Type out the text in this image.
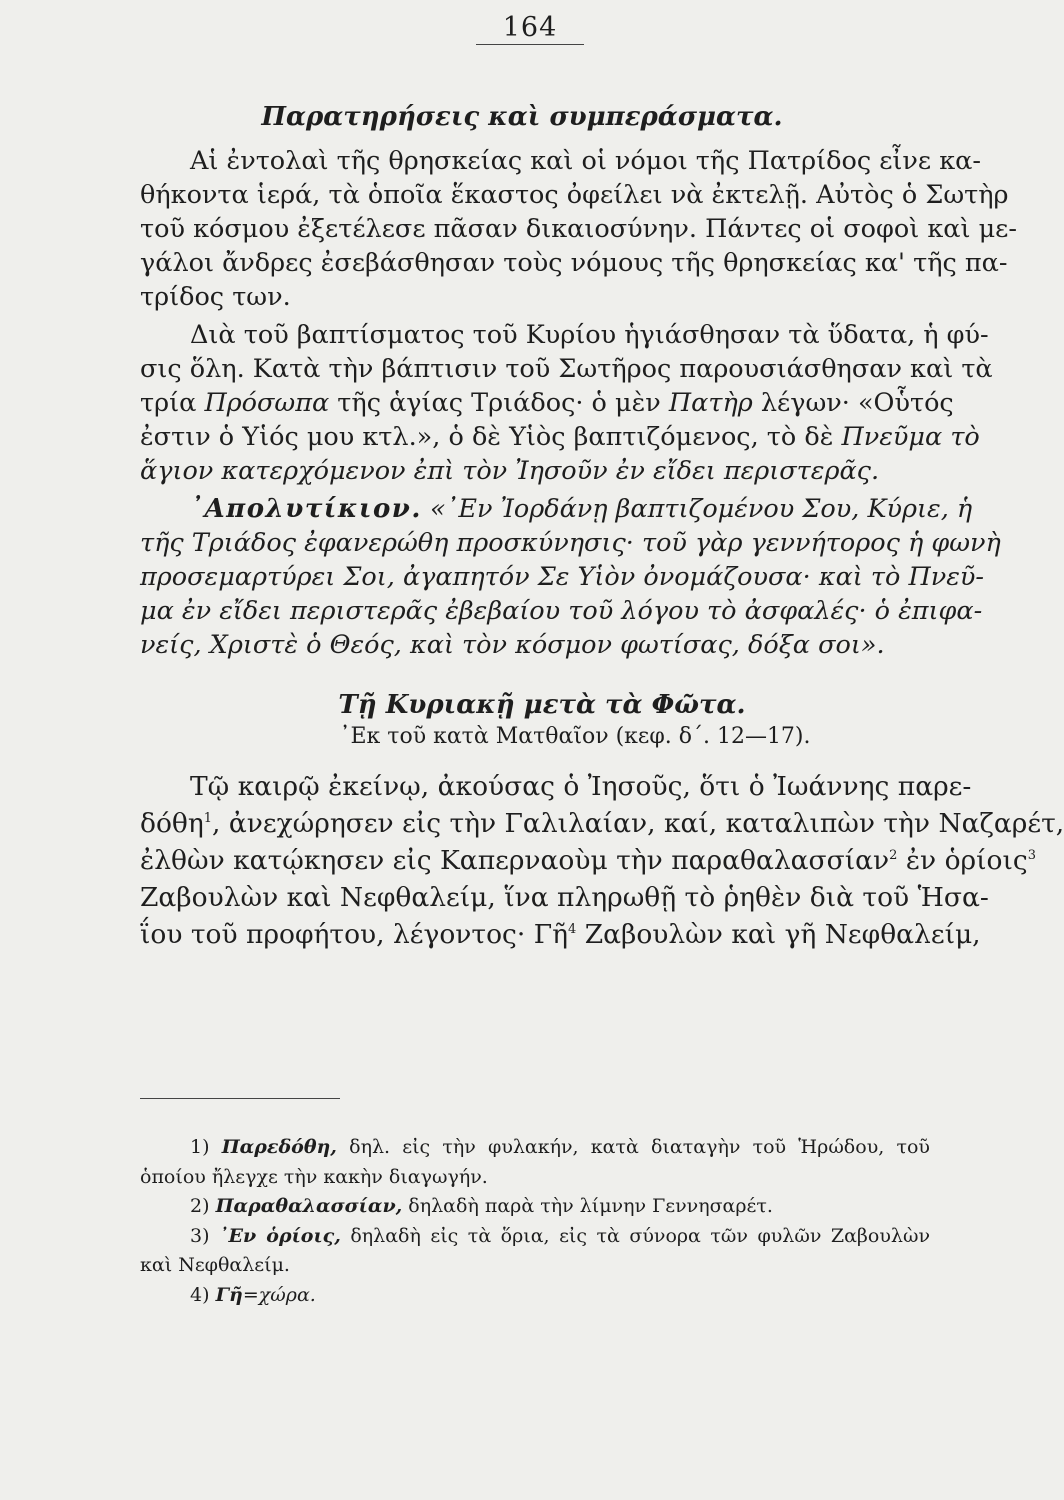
164
Παρατηρήσεις καὶ συμπεράσματα.
Αἱ ἐντολαὶ τῆς θρησκείας καὶ οἱ νόμοι τῆς Πατρίδος εἶνε κα-
θήκοντα ἱερά, τὰ ὁποῖα ἕκαστος ὀφείλει νὰ ἐκτελῇ. Αὐτὸς ὁ Σωτὴρ
τοῦ κόσμου ἐξετέλεσε πᾶσαν δικαιοσύνην. Πάντες οἱ σοφοὶ καὶ με-
γάλοι ἄνδρες ἐσεβάσθησαν τοὺς νόμους τῆς θρησκείας κα' τῆς πα-
τρίδος των.
Διὰ τοῦ βαπτίσματος τοῦ Κυρίου ἡγιάσθησαν τὰ ὕδατα, ἡ φύ-
σις ὅλη. Κατὰ τὴν βάπτισιν τοῦ Σωτῆρος παρουσιάσθησαν καὶ τὰ
τρία Πρόσωπα τῆς ἁγίας Τριάδος· ὁ μὲν Πατὴρ λέγων· «Οὗτός
ἐστιν ὁ Υἱός μου κτλ.», ὁ δὲ Υἱὸς βαπτιζόμενος, τὸ δὲ Πνεῦμα τὸ
ἅγιον κατερχόμενον ἐπὶ τὸν Ἰησοῦν ἐν εἴδει περιστερᾶς.
᾿Απολυτίκιον. «᾿Εν Ἰορδάνῃ βαπτιζομένου Σου, Κύριε, ἡ
τῆς Τριάδος ἐφανερώθη προσκύνησις· τοῦ γὰρ γεννήτορος ἡ φωνὴ
προσεμαρτύρει Σοι, ἀγαπητόν Σε Υἱὸν ὀνομάζουσα· καὶ τὸ Πνεῦ-
μα ἐν εἴδει περιστερᾶς ἐβεβαίου τοῦ λόγου τὸ ἀσφαλές· ὁ ἐπιφα-
νείς, Χριστὲ ὁ Θεός, καὶ τὸν κόσμον φωτίσας, δόξα σοι».
Τῇ Κυριακῇ μετὰ τὰ Φῶτα.
᾿Εκ τοῦ κατὰ Ματθαῖον (κεφ. δ΄. 12—17).
Τῷ καιρῷ ἐκείνῳ, ἀκούσας ὁ Ἰησοῦς, ὅτι ὁ Ἰωάννης παρε-
δόθη$^1$, ἀνεχώρησεν εἰς τὴν Γαλιλαίαν, καί, καταλιπὼν τὴν Ναζαρέτ,
ἐλθὼν κατῴκησεν εἰς Καπερναοὺμ τὴν παραθαλασσίαν$^2$ ἐν ὁρίοις$^3$
Ζαβουλὼν καὶ Νεφθαλείμ, ἵνα πληρωθῇ τὸ ῥηθὲν διὰ τοῦ Ἡσα-
ΐου τοῦ προφήτου, λέγοντος· Γῆ$^4$ Ζαβουλὼν καὶ γῆ Νεφθαλείμ,
1) Παρεδόθη, δηλ. εἰς τὴν φυλακήν, κατὰ διαταγὴν τοῦ Ἡρώδου, τοῦ
ὁποίου ἤλεγχε τὴν κακὴν διαγωγήν.
2) Παραθαλασσίαν, δηλαδὴ παρὰ τὴν λίμνην Γεννησαρέτ.
3) ᾿Εν ὁρίοις, δηλαδὴ εἰς τὰ ὅρια, εἰς τὰ σύνορα τῶν φυλῶν Ζαβουλὼν
καὶ Νεφθαλείμ.
4) Γῆ=χώρα.
